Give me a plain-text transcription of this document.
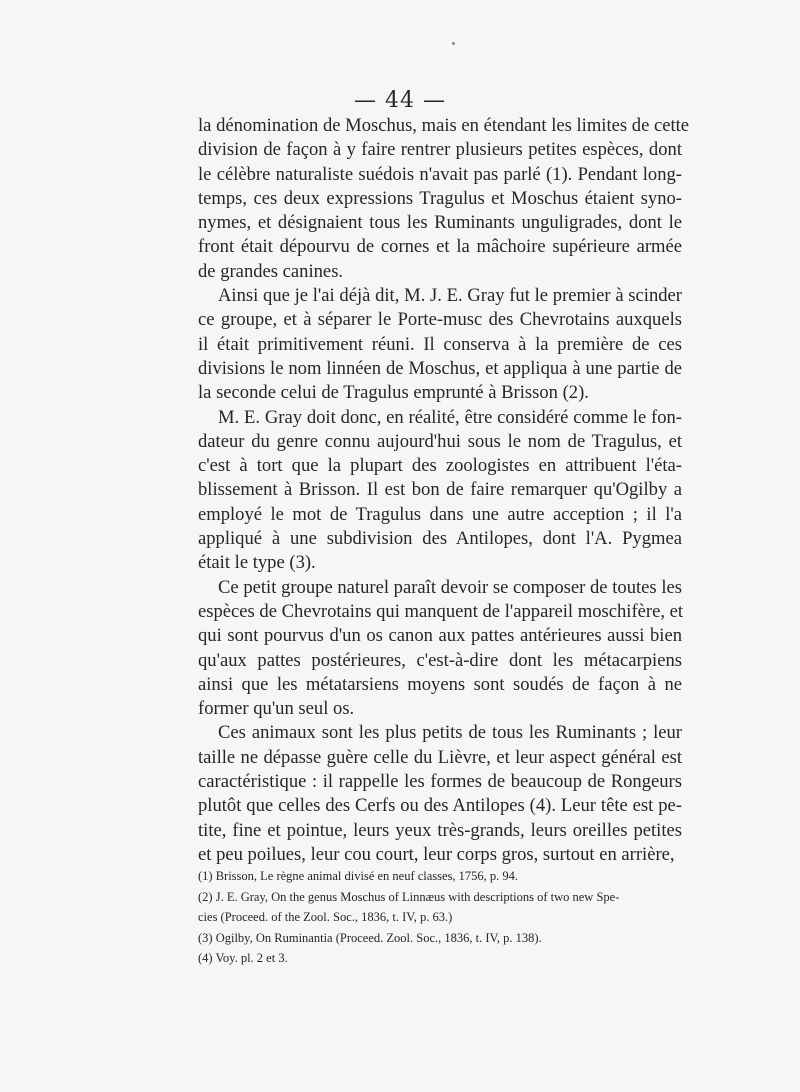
— 44 —
la dénomination de Moschus, mais en étendant les limites de cette
division de façon à y faire rentrer plusieurs petites espèces, dont
le célèbre naturaliste suédois n'avait pas parlé (1). Pendant long-
temps, ces deux expressions Tragulus et Moschus étaient syno-
nymes, et désignaient tous les Ruminants unguligrades, dont le
front était dépourvu de cornes et la mâchoire supérieure armée
de grandes canines.
Ainsi que je l'ai déjà dit, M. J. E. Gray fut le premier à scinder
ce groupe, et à séparer le Porte-musc des Chevrotains auxquels
il était primitivement réuni. Il conserva à la première de ces
divisions le nom linnéen de Moschus, et appliqua à une partie de
la seconde celui de Tragulus emprunté à Brisson (2).
M. E. Gray doit donc, en réalité, être considéré comme le fon-
dateur du genre connu aujourd'hui sous le nom de Tragulus, et
c'est à tort que la plupart des zoologistes en attribuent l'éta-
blissement à Brisson. Il est bon de faire remarquer qu'Ogilby a
employé le mot de Tragulus dans une autre acception ; il l'a
appliqué à une subdivision des Antilopes, dont l'A. Pygmea
était le type (3).
Ce petit groupe naturel paraît devoir se composer de toutes les
espèces de Chevrotains qui manquent de l'appareil moschifère, et
qui sont pourvus d'un os canon aux pattes antérieures aussi bien
qu'aux pattes postérieures, c'est-à-dire dont les métacarpiens
ainsi que les métatarsiens moyens sont soudés de façon à ne
former qu'un seul os.
Ces animaux sont les plus petits de tous les Ruminants ; leur
taille ne dépasse guère celle du Lièvre, et leur aspect général est
caractéristique : il rappelle les formes de beaucoup de Rongeurs
plutôt que celles des Cerfs ou des Antilopes (4). Leur tête est pe-
tite, fine et pointue, leurs yeux très-grands, leurs oreilles petites
et peu poilues, leur cou court, leur corps gros, surtout en arrière,
(1) Brisson, Le règne animal divisé en neuf classes, 1756, p. 94.
(2) J. E. Gray, On the genus Moschus of Linnæus with descriptions of two new Spe-
cies (Proceed. of the Zool. Soc., 1836, t. IV, p. 63.)
(3) Ogilby, On Ruminantia (Proceed. Zool. Soc., 1836, t. IV, p. 138).
(4) Voy. pl. 2 et 3.
